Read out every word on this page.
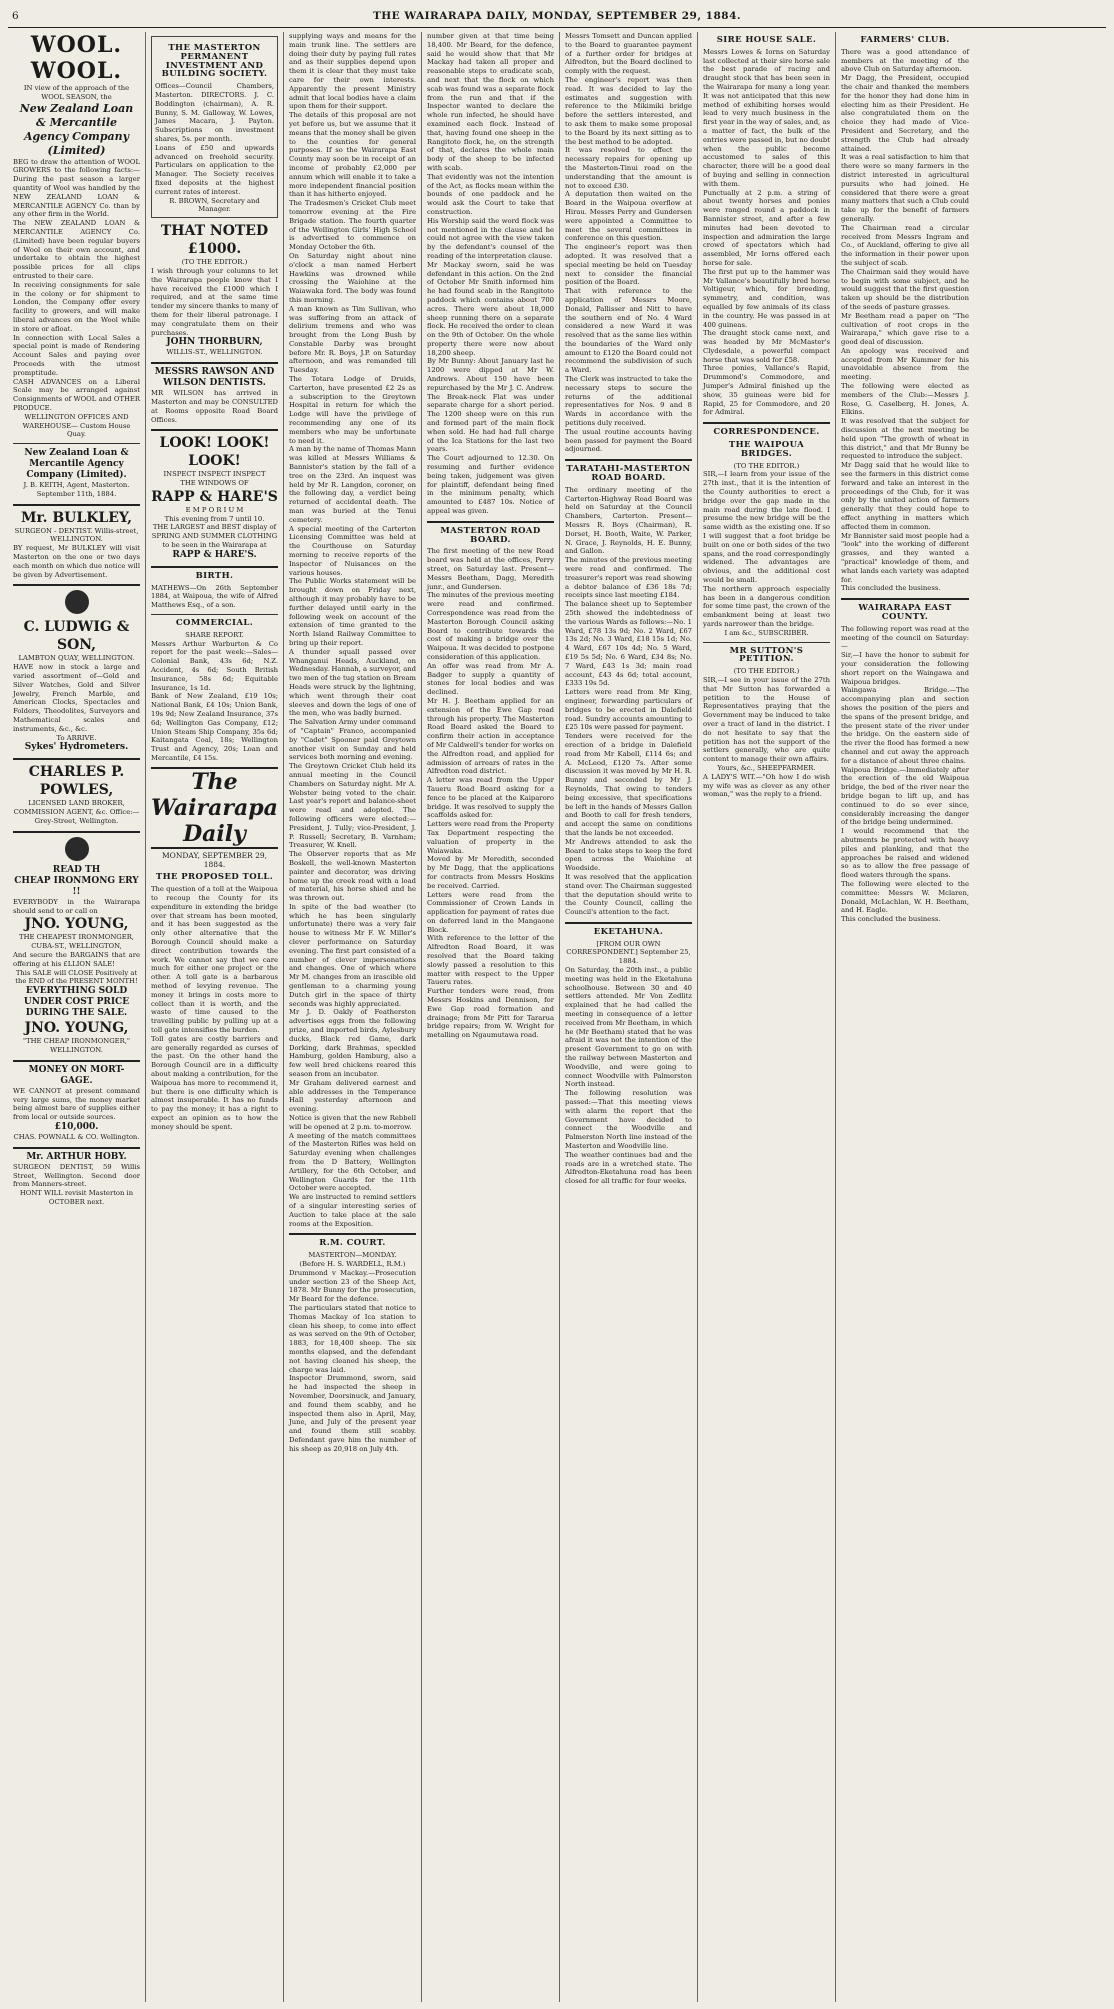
6	THE WAIRARAPA DAILY, MONDAY, SEPTEMBER 29, 1884.
WOOL. WOOL.

IN view of the approach of the WOOL SEASON, the

New Zealand Loan & Mercantile Agency Company (Limited)

BEG to draw the attention of WOOL GROWERS to the following facts:— During the past season a larger quantity of Wool was handled by the NEW ZEALAND LOAN & MERCANTILE AGENCY Co. than by any other firm in the World.

The NEW ZEALAND LOAN & MERCANTILE AGENCY Co. (Limited) have been regular buyers of Wool on their own account, and undertake to obtain the highest possible prices for all clips entrusted to their care.

In receiving consignments for sale in the colony or for shipment to London, the Company offer every facility to growers, and will make liberal advances on the Wool while in store or afloat.

In connection with Local Sales a special point is made of Rendering Account Sales and paying over Proceeds with the utmost promptitude.

CASH ADVANCES on a Liberal Scale may be arranged against Consignments of WOOL and OTHER PRODUCE.

WELLINGTON OFFICES AND WAREHOUSE— Custom House Quay.

New Zealand Loan & Mercantile Agency Company (Limited).

J. B. KEITH, Agent, Masterton.

September 11th, 1884.

Mr. BULKLEY,

SURGEON - DENTIST. Willis-street, WELLINGTON.

BY request, Mr BULKLEY will visit Masterton on the one or two days each month on which due notice will be given by Advertisement.

C. LUDWIG & SON,

LAMBTON QUAY, WELLINGTON.

HAVE now in stock a large and varied assortment of—Gold and Silver Watches, Gold and Silver Jewelry, French Marble, and American Clocks, Spectacles and Folders, Theodolites, Surveyors and Mathematical scales and instruments, &c., &c.

To ARRIVE.

Sykes' Hydrometers.
CHARLES P. POWLES,

LICENSED LAND BROKER, COMMISSION AGENT, &c. Office:—Grey-Street, Wellington.

READ TH
CHEAP IRONMONG ERY !!

EVERYBODY in the Wairarapa should send to or call on

JNO. YOUNG,

THE CHEAPEST IRONMONGER, CUBA-ST., WELLINGTON,

And secure the BARGAINS that are offering at his £LLION SALE!

This SALE will CLOSE Positively at the END of the PRESENT MONTH!

EVERYTHING SOLD UNDER COST PRICE DURING THE SALE.
JNO. YOUNG,

"THE CHEAP IRONMONGER," WELLINGTON.

MONEY ON MORT-GAGE.

WE CANNOT at present command very large sums, the money market being almost bare of supplies either from local or outside sources.

£10,000.

CHAS. POWNALL & CO. Wellington.

Mr. ARTHUR HOBY.

SURGEON DENTIST, 59 Willis Street, Wellington. Second door from Manners-street.

HONT WILL revisit Masterton in OCTOBER next.

THE MASTERTON PERMANENT INVESTMENT AND BUILDING SOCIETY.

Offices—Council Chambers, Masterton. DIRECTORS. J. C. Boddington (chairman), A. R. Bunny, S. M. Galloway, W. Lowes, James Macara, J. Payton. Subscriptions on investment shares, 5s. per month.

Loans of £50 and upwards advanced on freehold security. Particulars on application to the Manager. The Society receives fixed deposits at the highest current rates of interest.

R. BROWN, Secretary and Manager.

THAT NOTED £1000.

(TO THE EDITOR.)

I wish through your columns to let the Wairarapa people know that I have received the £1000 which I required, and at the same time tender my sincere thanks to many of them for their liberal patronage. I may congratulate them on their purchases.

JOHN THORBURN,

WILLIS-ST., WELLINGTON.

MESSRS RAWSON AND WILSON DENTISTS.

MR WILSON has arrived in Masterton and may be CONSULTED at Rooms opposite Road Board Offices.

LOOK! LOOK! LOOK!

INSPECT INSPECT INSPECT

THE WINDOWS OF

RAPP & HARE'S

E M P O R I U M

This evening from 7 until 10.

THE LARGEST and BEST display of SPRING AND SUMMER CLOTHING to be seen in the Wairarapa at

RAPP & HARE'S.
BIRTH.

MATHEWS—On 26th September 1884, at Waipoua, the wife of Alfred Matthews Esq., of a son.

COMMERCIAL.

SHARE REPORT.

Messrs Arthur Warburton & Co report for the past week:—Sales—Colonial Bank, 43s 6d; N.Z. Accident, 4s 6d; South British Insurance, 58s 6d; Equitable Insurance, 1s 1d.

Bank of New Zealand, £19 10s; National Bank, £4 10s; Union Bank, 19s 9d; New Zealand Insurance, 37s 6d; Wellington Gas Company, £12; Union Steam Ship Company, 35s 6d; Kaitangata Coal, 18s; Wellington Trust and Agency, 20s; Loan and Mercantile, £4 15s.

The Wairarapa Daily
MONDAY, SEPTEMBER 29, 1884.
THE PROPOSED TOLL.

The question of a toll at the Waipoua to recoup the County for its expenditure in extending the bridge over that stream has been mooted, and it has been suggested as the only other alternative that the Borough Council should make a direct contribution towards the work. We cannot say that we care much for either one project or the other. A toll gate is a barbarous method of levying revenue. The money it brings in costs more to collect than it is worth, and the waste of time caused to the travelling public by pulling up at a toll gate intensifies the burden.

Toll gates are costly barriers and are generally regarded as curses of the past. On the other hand the Borough Council are in a difficulty about making a contribution, for the Waipoua has more to recommend it, but there is one difficulty which is almost insuperable. It has no funds to pay the money; it has a right to expect an opinion as to how the money should be spent.

supplying ways and means for the main trunk line. The settlers are doing their duty by paying full rates and as their supplies depend upon them it is clear that they must take care for their own interests. Apparently the present Ministry admit that local bodies have a claim upon them for their support.

The details of this proposal are not yet before us, but we assume that it means that the money shall be given to the counties for general purposes. If so the Wairarapa East County may soon be in receipt of an income of probably £2,000 per annum which will enable it to take a more independent financial position than it has hitherto enjoyed.

The Tradesmen's Cricket Club meet tomorrow evening at the Fire Brigade station. The fourth quarter of the Wellington Girls' High School is advertised to commence on Monday October the 6th.

On Saturday night about nine o'clock a man named Herbert Hawkins was drowned while crossing the Waiohine at the Waiawaka ford. The body was found this morning.

A man known as Tim Sullivan, who was suffering from an attack of delirium tremens and who was brought from the Long Bush by Constable Darby was brought before Mr. R. Boys, J.P. on Saturday afternoon, and was remanded till Tuesday.

The Totara Lodge of Druids, Carterton, have presented £2 2s as a subscription to the Greytown Hospital in return for which the Lodge will have the privilege of recommending any one of its members who may be unfortunate to need it.

A man by the name of Thomas Mann was killed at Messrs Williams & Bannister's station by the fall of a tree on the 23rd. An inquest was held by Mr R. Langdon, coroner, on the following day, a verdict being returned of accidental death. The man was buried at the Tenui cemetery.

A special meeting of the Carterton Licensing Committee was held at the Courthouse on Saturday morning to receive reports of the Inspector of Nuisances on the various houses.

The Public Works statement will be brought down on Friday next, although it may probably have to be further delayed until early in the following week on account of the extension of time granted to the North Island Railway Committee to bring up their report.

A thunder squall passed over Whanganui Heads, Auckland, on Wednesday. Hannah, a surveyor, and two men of the tug station on Bream Heads were struck by the lightning, which went through their coat sleeves and down the legs of one of the men, who was badly burned.

The Salvation Army under command of "Captain" Franco, accompanied by "Cadet" Spooner paid Greytown another visit on Sunday and held services both morning and evening.

The Greytown Cricket Club held its annual meeting in the Council Chambers on Saturday night. Mr A. Webster being voted to the chair. Last year's report and balance-sheet were read and adopted. The following officers were elected:—President, J. Tully; vice-President, J. P. Russell; Secretary, B. Varnham; Treasurer, W. Knell.

The Observer reports that as Mr Boskell, the well-known Masterton painter and decorator, was driving home up the creek road with a load of material, his horse shied and he was thrown out.

In spite of the bad weather (to which he has been singularly unfortunate) there was a very fair house to witness Mr F. W. Miller's clever performance on Saturday evening. The first part consisted of a number of clever impersonations and changes. One of which where Mr M. changes from an irascible old gentleman to a charming young Dutch girl in the space of thirty seconds was highly appreciated.

Mr J. D. Oakly of Featherston advertises eggs from the following prize, and imported birds, Aylesbury ducks, Black red Game, dark Dorking, dark Brahmas, speckled Hamburg, golden Hamburg, also a few well bred chickens reared this season from an incubator.

Mr Graham delivered earnest and able addresses in the Temperance Hall yesterday afternoon and evening.

Notice is given that the new Rebbell will be opened at 2 p.m. to-morrow.

A meeting of the match committees of the Masterton Rifles was held on Saturday evening when challenges from the D Battery, Wellington Artillery, for the 6th October, and Wellington Guards for the 11th October were accepted.

We are instructed to remind settlers of a singular interesting series of Auction to take place at the sale rooms at the Exposition.

R.M. COURT.

MASTERTON—MONDAY.

(Before H. S. WARDELL, R.M.)

Drummond v Mackay.—Prosecution under section 23 of the Sheep Act, 1878. Mr Bunny for the prosecution, Mr Beard for the defence.

The particulars stated that notice to Thomas Mackay of Ica station to clean his sheep, to come into effect as was served on the 9th of October, 1883, for 18,400 sheep. The six months elapsed, and the defendant not having cleaned his sheep, the charge was laid.

Inspector Drummond, sworn, said he had inspected the sheep in November, Doorsinuck, and January, and found them scabby, and he inspected them also in April, May, June, and July of the present year and found them still scabby. Defendant gave him the number of his sheep as 20,918 on July 4th.

number given at that time being 18,400. Mr Beard, for the defence, said he would show that that Mr Mackay had taken all proper and reasonable steps to eradicate scab, and next that the flock on which scab was found was a separate flock from the run and that if the Inspector wanted to declare the whole run infected, he should have examined each flock. Instead of that, having found one sheep in the Rangitoto flock, he, on the strength of that, declares the whole main body of the sheep to be infected with scab.

That evidently was not the intention of the Act, as flocks mean within the bounds of one paddock and he would ask the Court to take that construction.

His Worship said the word flock was not mentioned in the clause and he could not agree with the view taken by the defendant's counsel of the reading of the interpretation clause.

Mr Mackay sworn, said he was defendant in this action. On the 2nd of October Mr Smith informed him he had found scab in the Rangitoto paddock which contains about 700 acres. There were about 18,000 sheep running there on a separate flock. He received the order to clean on the 9th of October. On the whole property there were now about 18,200 sheep.

By Mr Bunny: About January last he 1200 were dipped at Mr W. Andrews. About 150 have been repurchased by the Mr J. C. Andrew. The Break-neck Flat was under separate charge for a short period. The 1200 sheep were on this run and formed part of the main flock when sold. He had had full charge of the Ica Stations for the last two years.

The Court adjourned to 12.30. On resuming and further evidence being taken, judgement was given for plaintiff, defendant being fined in the minimum penalty, which amounted to £487 10s. Notice of appeal was given.

MASTERTON ROAD BOARD.

The first meeting of the new Road board was held at the offices, Perry street, on Saturday last. Present—Messrs Beetham, Dagg, Meredith junr., and Gundersen.

The minutes of the previous meeting were read and confirmed. Correspondence was read from the Masterton Borough Council asking Board to contribute towards the cost of making a bridge over the Waipoua. It was decided to postpone consideration of this application.

An offer was read from Mr A. Badger to supply a quantity of stones for local bodies and was declined.

Mr H. J. Beetham applied for an extension of the Ewe Gap road through his property. The Masterton Road Board asked the Board to confirm their action in acceptance of Mr Caldwell's tender for works on the Alfredton road, and applied for admission of arrears of rates in the Alfredton road district.

A letter was read from the Upper Taueru Road Board asking for a fence to be placed at the Kaiparoro bridge. It was resolved to supply the scaffolds asked for.

Letters were read from the Property Tax Department respecting the valuation of property in the Waiawaka.

Moved by Mr Meredith, seconded by Mr Dagg, that the applications for contracts from Messrs Hoskins be received. Carried.

Letters were read from the Commissioner of Crown Lands in application for payment of rates due on deferred land in the Mangaone Block.

With reference to the letter of the Alfredton Road Board, it was resolved that the Board taking slowly passed a resolution to this matter with respect to the Upper Taueru rates.

Further tenders were read, from Messrs Hoskins and Dennison, for Ewe Gap road formation and drainage; from Mr Pitt for Tararua bridge repairs; from W. Wright for metalling on Ngaumutawa road.

Messrs Tomsett and Duncan applied to the Board to guarantee payment of a further order for bridges at Alfredton, but the Board declined to comply with the request.

The engineer's report was then read. It was decided to lay the estimates and suggestion with reference to the Mikimiki bridge before the settlers interested, and to ask them to make some proposal to the Board by its next sitting as to the best method to be adopted.

It was resolved to effect the necessary repairs for opening up the Masterton-Tinui road on the understanding that the amount is not to exceed £30.

A deputation then waited on the Board in the Waipoua overflow at Hirau. Messrs Perry and Gundersen were appointed a Committee to meet the several committees in conference on this question.

The engineer's report was then adopted. It was resolved that a special meeting be held on Tuesday next to consider the financial position of the Board.

That with reference to the application of Messrs Moore, Donald, Pallisser and Nitt to have the southern end of No. 4 Ward considered a new Ward it was resolved that as the same lies within the boundaries of the Ward only amount to £120 the Board could not recommend the subdivision of such a Ward.

The Clerk was instructed to take the necessary steps to secure the returns of the additional representatives for Nos. 9 and 8 Wards in accordance with the petitions duly received.

The usual routine accounts having been passed for payment the Board adjourned.

TARATAHI-MASTERTON ROAD BOARD.

The ordinary meeting of the Carterton-Highway Road Board was held on Saturday at the Council Chambers, Carterton. Present—Messrs R. Boys (Chairman), R. Dorset, H. Booth, Waite, W. Parker, N. Grace, J. Reynolds, H. E. Bunny, and Gallon.

The minutes of the previous meeting were read and confirmed. The treasurer's report was read showing a debtor balance of £36 18s 7d; receipts since last meeting £184.

The balance sheet up to September 25th showed the indebtedness of the various Wards as follows:—No. 1 Ward, £78 13s 9d; No. 2 Ward, £67 13s 2d; No. 3 Ward, £18 15s 1d; No. 4 Ward, £67 10s 4d; No. 5 Ward, £19 5s 5d; No. 6 Ward, £34 8s; No. 7 Ward, £43 1s 3d; main road account, £43 4s 6d; total account, £333 19s 5d.

Letters were read from Mr King, engineer, forwarding particulars of bridges to be erected in Dalefield road. Sundry accounts amounting to £25 10s were passed for payment.

Tenders were received for the erection of a bridge in Dalefield road from Mr Kabell, £114 6s; and A. McLeod, £120 7s. After some discussion it was moved by Mr H. R. Bunny and seconded by Mr J. Reynolds, That owing to tenders being excessive, that specifications be left in the hands of Messrs Gallon and Booth to call for fresh tenders, and accept the same on conditions that the lands be not exceeded.

Mr Andrews attended to ask the Board to take steps to keep the ford open across the Waiohine at Woodside.

It was resolved that the application stand over. The Chairman suggested that the deputation should write to the County Council, calling the Council's attention to the fact.

EKETAHUNA.

[FROM OUR OWN CORRESPONDENT.] September 25, 1884.

On Saturday, the 20th inst., a public meeting was held in the Eketahuna schoolhouse. Between 30 and 40 settlers attended. Mr Von Zedlitz explained that he had called the meeting in consequence of a letter received from Mr Beetham, in which he (Mr Beetham) stated that he was afraid it was not the intention of the present Government to go on with the railway between Masterton and Woodville, and were going to connect Woodville with Palmerston North instead.

The following resolution was passed:—That this meeting views with alarm the report that the Government have decided to connect the Woodville and Palmerston North line instead of the Masterton and Woodville line.

The weather continues bad and the roads are in a wretched state. The Alfredton-Eketahuna road has been closed for all traffic for four weeks.

SIRE HOUSE SALE.

Messrs Lowes & Iorns on Saturday last collected at their sire horse sale the best parade of racing and draught stock that has been seen in the Wairarapa for many a long year. It was not anticipated that this new method of exhibiting horses would lead to very much business in the first year in the way of sales, and, as a matter of fact, the bulk of the entries were passed in, but no doubt when the public become accustomed to sales of this character, there will be a good deal of buying and selling in connection with them.

Punctually at 2 p.m. a string of about twenty horses and ponies were ranged round a paddock in Bannister street, and after a few minutes had been devoted to inspection and admiration the large crowd of spectators which had assembled, Mr Iorns offered each horse for sale.

The first put up to the hammer was Mr Vallance's beautifully bred horse Voltigeur, which, for breeding, symmetry, and condition, was equalled by few animals of its class in the country. He was passed in at 400 guineas.

The draught stock came next, and was headed by Mr McMaster's Clydesdale, a powerful compact horse that was sold for £58.

Three ponies, Vallance's Rapid, Drummond's Commodore, and Jumper's Admiral finished up the show, 35 guineas were bid for Rapid, 25 for Commodore, and 20 for Admiral.

CORRESPONDENCE.
THE WAIPOUA BRIDGES.

(TO THE EDITOR.)

SIR,—I learn from your issue of the 27th inst., that it is the intention of the County authorities to erect a bridge over the gap made in the main road during the late flood. I presume the new bridge will be the same width as the existing one. If so I will suggest that a foot bridge be built on one or both sides of the two spans, and the road correspondingly widened. The advantages are obvious, and the additional cost would be small.

The northern approach especially has been in a dangerous condition for some time past, the crown of the embankment being at least two yards narrower than the bridge.

I am &c., SUBSCRIBER.

MR SUTTON'S PETITION.

(TO THE EDITOR.)

SIR,—I see in your issue of the 27th that Mr Sutton has forwarded a petition to the House of Representatives praying that the Government may be induced to take over a tract of land in the district. I do not hesitate to say that the petition has not the support of the settlers generally, who are quite content to manage their own affairs.

Yours, &c., SHEEPFARMER.

A LADY'S WIT.—"Oh how I do wish my wife was as clever as any other woman," was the reply to a friend.

FARMERS' CLUB.

There was a good attendance of members at the meeting of the above Club on Saturday afternoon.

Mr Dagg, the President, occupied the chair and thanked the members for the honor they had done him in electing him as their President. He also congratulated them on the choice they had made of Vice-President and Secretary, and the strength the Club had already attained.

It was a real satisfaction to him that there were so many farmers in the district interested in agricultural pursuits who had joined. He considered that there were a great many matters that such a Club could take up for the benefit of farmers generally.

The Chairman read a circular received from Messrs Ingram and Co., of Auckland, offering to give all the information in their power upon the subject of scab.

The Chairman said they would have to begin with some subject, and he would suggest that the first question taken up should be the distribution of the seeds of pasture grasses.

Mr Beetham read a paper on "The cultivation of root crops in the Wairarapa," which gave rise to a good deal of discussion.

An apology was received and accepted from Mr Kummer for his unavoidable absence from the meeting.

The following were elected as members of the Club:—Messrs J. Rose, G. Caselberg, H. Jones, A. Elkins.

It was resolved that the subject for discussion at the next meeting be held upon "The growth of wheat in this district," and that Mr Bunny be requested to introduce the subject.

Mr Dagg said that he would like to see the farmers in this district come forward and take an interest in the proceedings of the Club, for it was only by the united action of farmers generally that they could hope to effect anything in matters which affected them in common.

Mr Bannister said most people had a "look" into the working of different grasses, and they wanted a "practical" knowledge of them, and what lands each variety was adapted for.

This concluded the business.

WAIRARAPA EAST COUNTY.

The following report was read at the meeting of the council on Saturday:—

Sir,—I have the honor to submit for your consideration the following short report on the Waingawa and Waipoua bridges.

Waingawa Bridge.—The accompanying plan and section shows the position of the piers and the spans of the present bridge, and the present state of the river under the bridge. On the eastern side of the river the flood has formed a new channel and cut away the approach for a distance of about three chains.

Waipoua Bridge.—Immediately after the erection of the old Waipoua bridge, the bed of the river near the bridge began to lift up, and has continued to do so ever since, considerably increasing the danger of the bridge being undermined.

I would recommend that the abutments be protected with heavy piles and planking, and that the approaches be raised and widened so as to allow the free passage of flood waters through the spans.

The following were elected to the committee: Messrs W. Mclaren, Donald, McLachlan, W. H. Beetham, and H. Eagle.

This concluded the business.
